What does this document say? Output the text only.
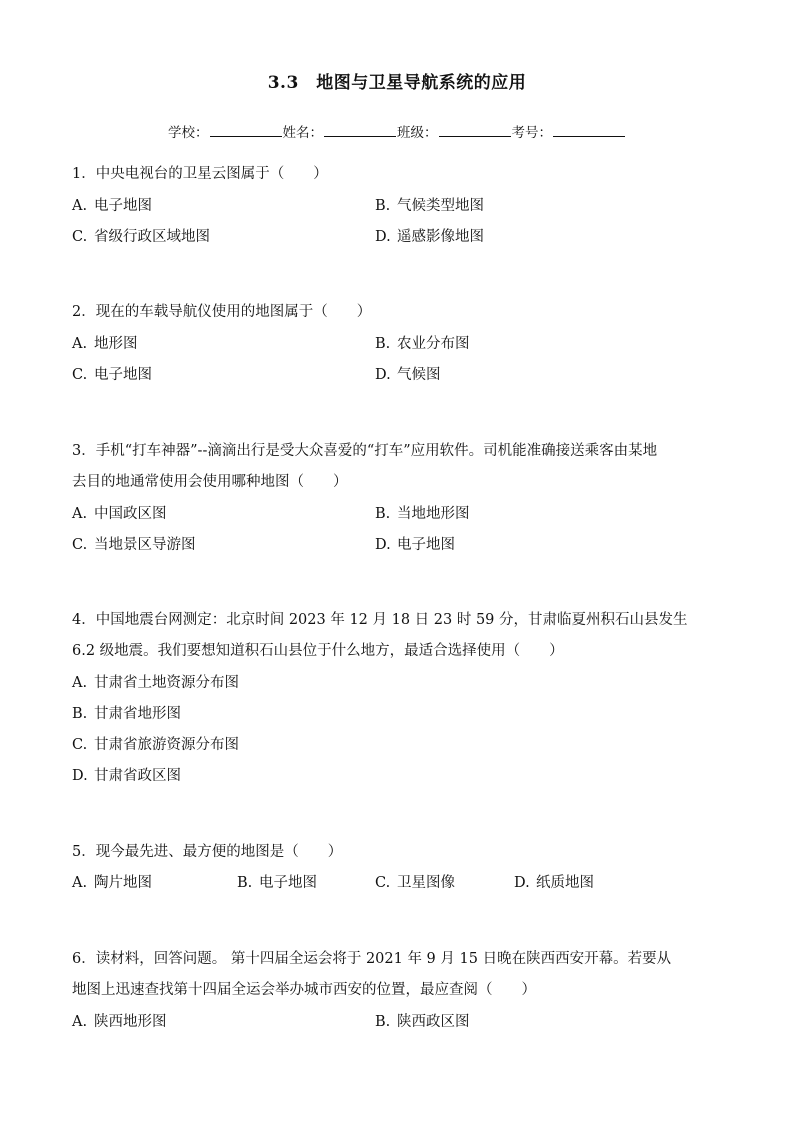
3.3　地图与卫星导航系统的应用
学校：	姓名：	班级：	考号：
1．中央电视台的卫星云图属于（　　）
A. 电子地图	B. 气候类型地图
C. 省级行政区域地图	D. 遥感影像地图
2．现在的车载导航仪使用的地图属于（　　）
A. 地形图	B. 农业分布图
C. 电子地图	D. 气候图
3．手机“打车神器”--滴滴出行是受大众喜爱的“打车”应用软件。司机能准确接送乘客由某地
去目的地通常使用会使用哪种地图（　　）
A. 中国政区图	B. 当地地形图
C. 当地景区导游图	D. 电子地图
4．中国地震台网测定：北京时间 2023 年 12 月 18 日 23 时 59 分，甘肃临夏州积石山县发生
6.2 级地震。我们要想知道积石山县位于什么地方，最适合选择使用（　　）
A. 甘肃省土地资源分布图
B. 甘肃省地形图
C. 甘肃省旅游资源分布图
D. 甘肃省政区图
5．现今最先进、最方便的地图是（　　）
A. 陶片地图	B. 电子地图	C. 卫星图像	D. 纸质地图
6．读材料，回答问题。 第十四届全运会将于 2021 年 9 月 15 日晚在陕西西安开幕。若要从
地图上迅速查找第十四届全运会举办城市西安的位置，最应查阅（　　）
A. 陕西地形图	B. 陕西政区图
